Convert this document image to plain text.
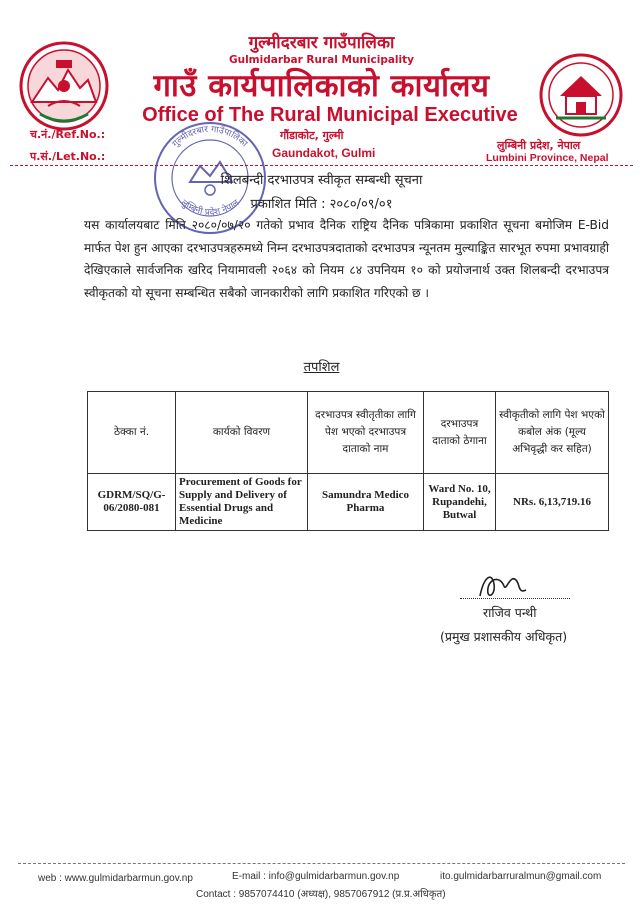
गुल्मीदरबार गाउँपालिका
Gulmidarbar Rural Municipality
गाउँ कार्यपालिकाको कार्यालय
Office of The Rural Municipal Executive
च.नं./Ref.No.:
प.सं./Let.No.:
गौंडाकोट, गुल्मी
Gaundakot, Gulmi
लुम्बिनी प्रदेश, नेपाल
Lumbini Province, Nepal
गुल्मीदरबार गाउँपालिका
लुम्बिनी प्रदेश नेपाल
शिलबन्दी दरभाउपत्र स्वीकृत सम्बन्धी सूचना
प्रकाशित मिति : २०८०/०९/०१

यस कार्यालयबाट मिति २०८०/०७/२० गतेको प्रभाव दैनिक राष्ट्रिय दैनिक पत्रिकामा प्रकाशित सूचना बमोजिम E-Bid मार्फत पेश हुन आएका दरभाउपत्रहरुमध्ये निम्न दरभाउपत्रदाताको दरभाउपत्र न्यूनतम मुल्याङ्कित सारभूत रुपमा प्रभावग्राही देखिएकाले सार्वजनिक खरिद नियामावली २०६४ को नियम ८४ उपनियम १० को प्रयोजनार्थ उक्त शिलबन्दी दरभाउपत्र स्वीकृतको यो सूचना सम्बन्धित सबैको जानकारीको लागि प्रकाशित गरिएको छ ।

तपशिल
ठेक्का नं.	कार्यको विवरण	दरभाउपत्र स्वीतृतीका लागि पेश भएको दरभाउपत्र दाताको नाम	दरभाउपत्र दाताको ठेगाना	स्वीकृतीको लागि पेश भएको कबोल अंक (मूल्य अभिवृद्धी कर सहित)
GDRM/SQ/G-06/2080-081	Procurement of Goods for Supply and Delivery of Essential Drugs and Medicine	Samundra Medico Pharma	Ward No. 10, Rupandehi, Butwal	NRs. 6,13,719.16
राजिव पन्थी
(प्रमुख प्रशासकीय अधिकृत)
web : www.gulmidarbarmun.gov.np	E-mail : info@gulmidarbarmun.gov.np	ito.gulmidarbarruralmun@gmail.com
Contact : 9857074410 (अध्यक्ष), 9857067912 (प्र.प्र.अधिकृत)
